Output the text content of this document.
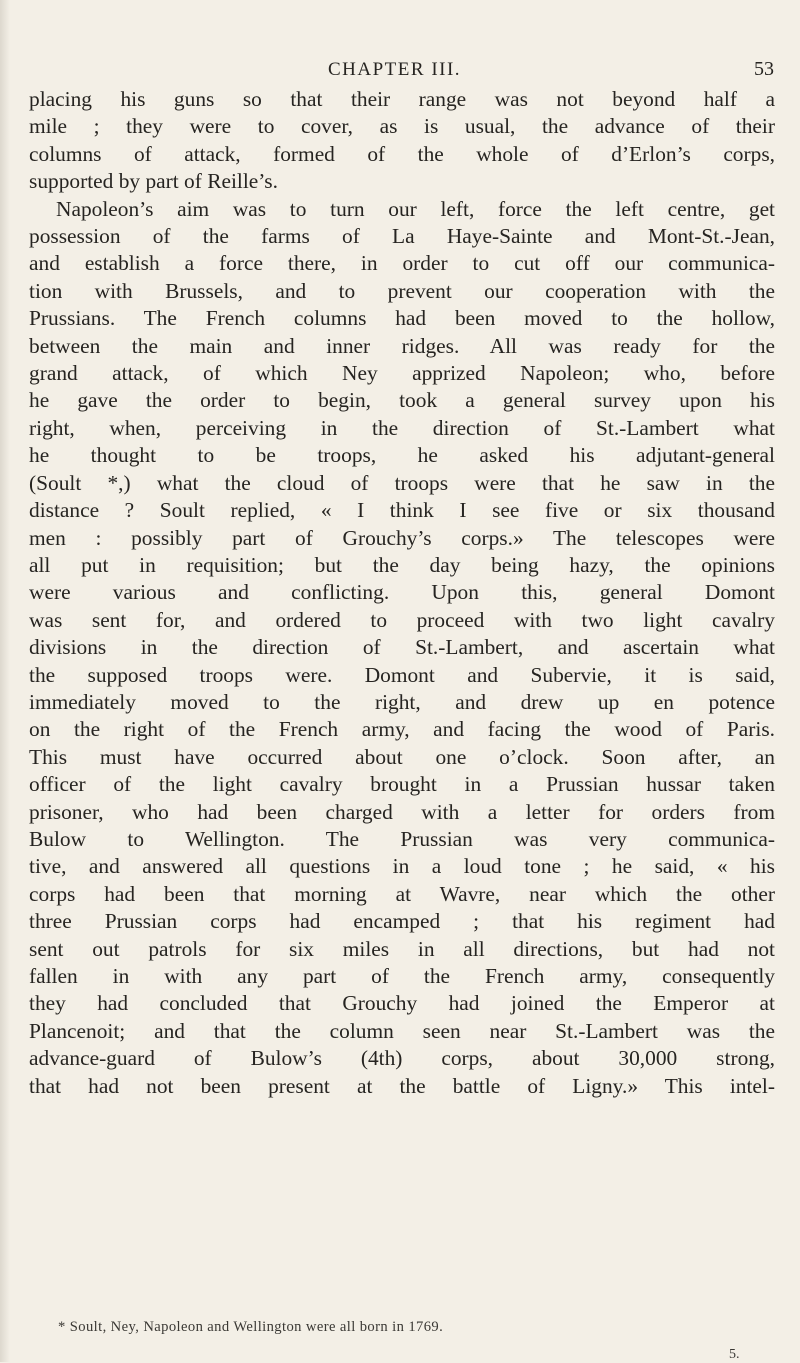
CHAPTER III.	53
placing his guns so that their range was not beyond half a
mile ; they were to cover, as is usual, the advance of their
columns of attack, formed of the whole of d’Erlon’s corps,
supported by part of Reille’s.
Napoleon’s aim was to turn our left, force the left centre, get
possession of the farms of La Haye-Sainte and Mont-St.-Jean,
and establish a force there, in order to cut off our communica-
tion with Brussels, and to prevent our cooperation with the
Prussians. The French columns had been moved to the hollow,
between the main and inner ridges. All was ready for the
grand attack, of which Ney apprized Napoleon; who, before
he gave the order to begin, took a general survey upon his
right, when, perceiving in the direction of St.-Lambert what
he thought to be troops, he asked his adjutant-general
(Soult *,) what the cloud of troops were that he saw in the
distance ? Soult replied, « I think I see five or six thousand
men : possibly part of Grouchy’s corps.» The telescopes were
all put in requisition; but the day being hazy, the opinions
were various and conflicting. Upon this, general Domont
was sent for, and ordered to proceed with two light cavalry
divisions in the direction of St.-Lambert, and ascertain what
the supposed troops were. Domont and Subervie, it is said,
immediately moved to the right, and drew up en potence
on the right of the French army, and facing the wood of Paris.
This must have occurred about one o’clock. Soon after, an
officer of the light cavalry brought in a Prussian hussar taken
prisoner, who had been charged with a letter for orders from
Bulow to Wellington. The Prussian was very communica-
tive, and answered all questions in a loud tone ; he said, « his
corps had been that morning at Wavre, near which the other
three Prussian corps had encamped ; that his regiment had
sent out patrols for six miles in all directions, but had not
fallen in with any part of the French army, consequently
they had concluded that Grouchy had joined the Emperor at
Plancenoit; and that the column seen near St.-Lambert was the
advance-guard of Bulow’s (4th) corps, about 30,000 strong,
that had not been present at the battle of Ligny.» This intel-
* Soult, Ney, Napoleon and Wellington were all born in 1769.
5.
